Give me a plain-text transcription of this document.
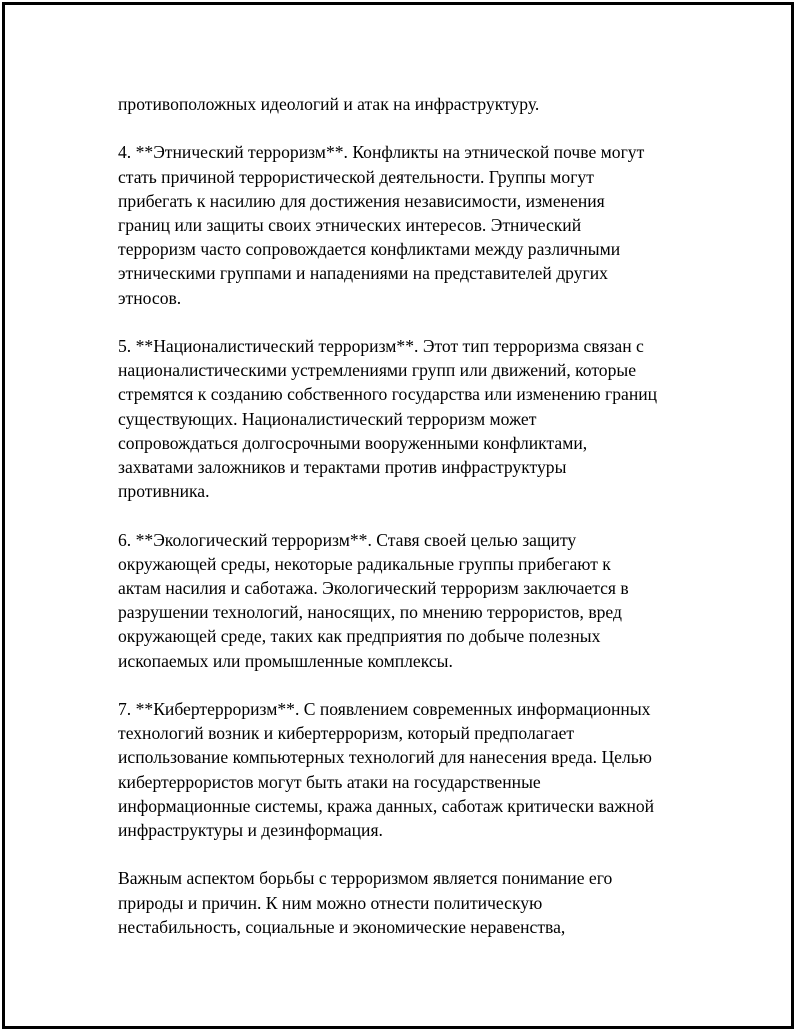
противоположных идеологий и атак на инфраструктуру.

4. **Этнический терроризм**. Конфликты на этнической почве могут
стать причиной террористической деятельности. Группы могут
прибегать к насилию для достижения независимости, изменения
границ или защиты своих этнических интересов. Этнический
терроризм часто сопровождается конфликтами между различными
этническими группами и нападениями на представителей других
этносов.

5. **Националистический терроризм**. Этот тип терроризма связан с
националистическими устремлениями групп или движений, которые
стремятся к созданию собственного государства или изменению границ
существующих. Националистический терроризм может
сопровождаться долгосрочными вооруженными конфликтами,
захватами заложников и терактами против инфраструктуры
противника.

6. **Экологический терроризм**. Ставя своей целью защиту
окружающей среды, некоторые радикальные группы прибегают к
актам насилия и саботажа. Экологический терроризм заключается в
разрушении технологий, наносящих, по мнению террористов, вред
окружающей среде, таких как предприятия по добыче полезных
ископаемых или промышленные комплексы.

7. **Кибертерроризм**. С появлением современных информационных
технологий возник и кибертерроризм, который предполагает
использование компьютерных технологий для нанесения вреда. Целью
кибертеррористов могут быть атаки на государственные
информационные системы, кража данных, саботаж критически важной
инфраструктуры и дезинформация.

Важным аспектом борьбы с терроризмом является понимание его
природы и причин. К ним можно отнести политическую
нестабильность, социальные и экономические неравенства,
